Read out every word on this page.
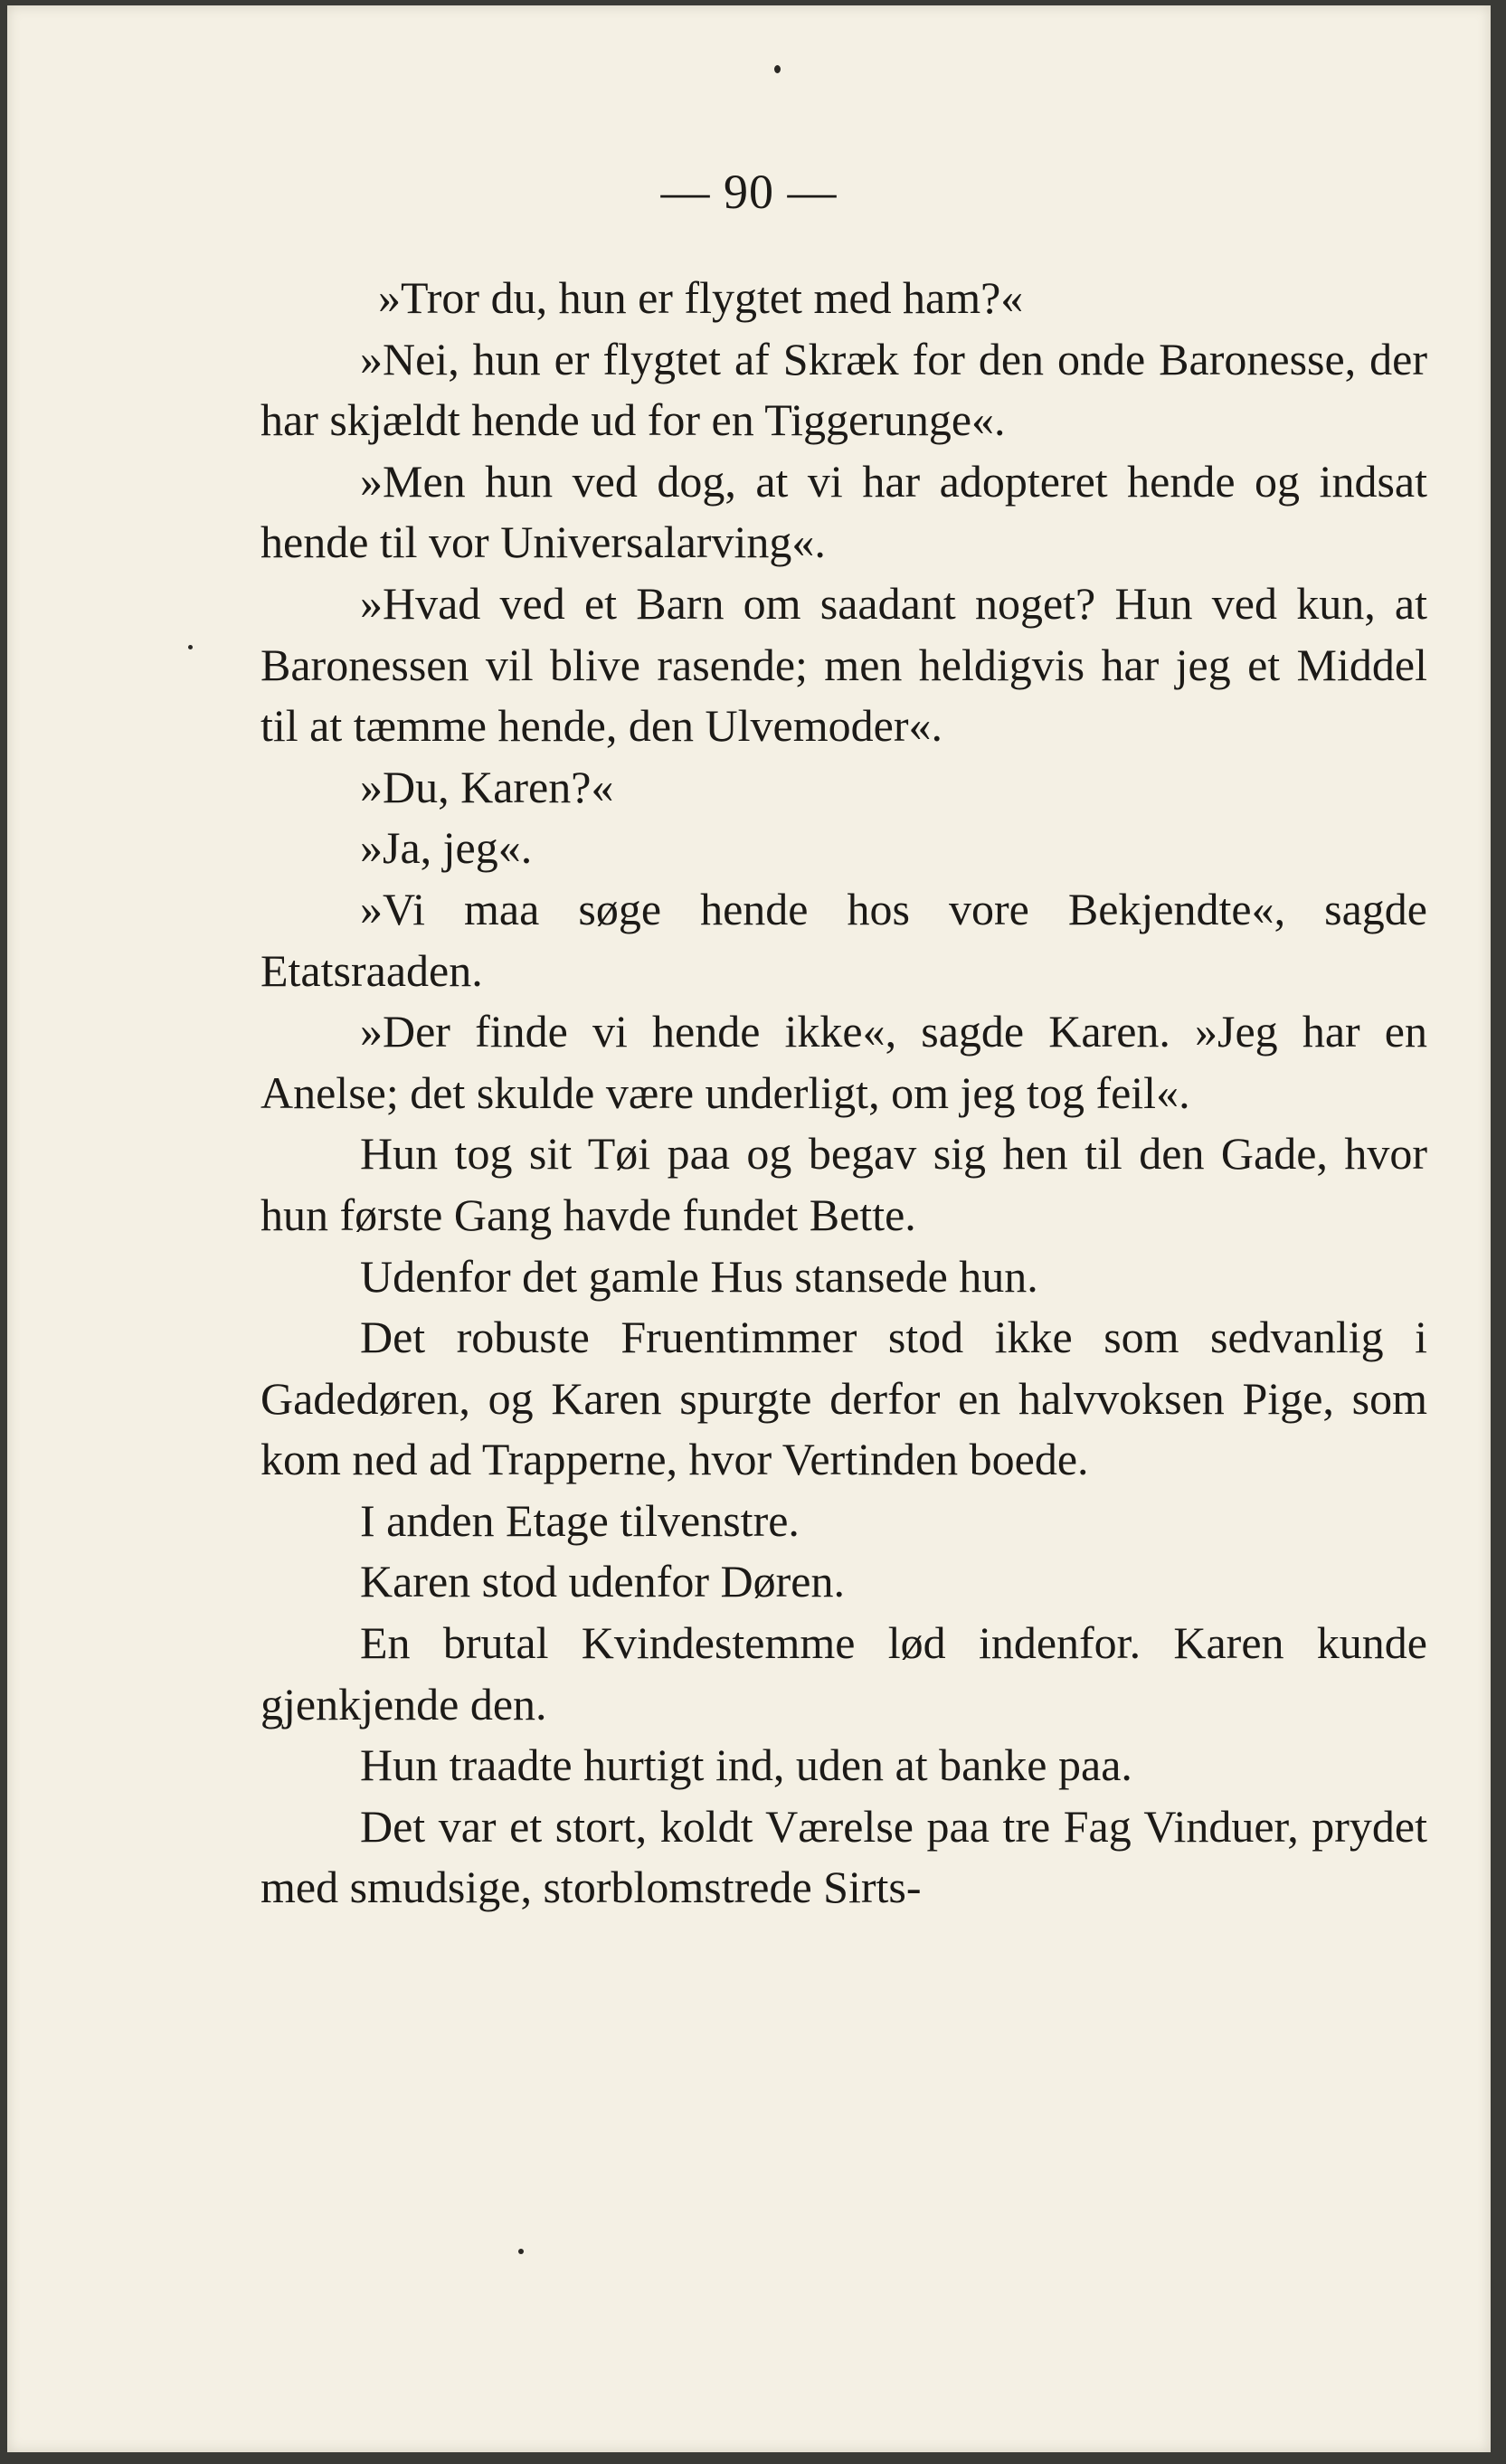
— 90 —

»Tror du, hun er flygtet med ham?«

»Nei, hun er flygtet af Skræk for den onde Baronesse, der har skjældt hende ud for en Tiggerunge«.

»Men hun ved dog, at vi har adopteret hende og indsat hende til vor Universalarving«.

»Hvad ved et Barn om saadant noget? Hun ved kun, at Baronessen vil blive rasende; men heldigvis har jeg et Middel til at tæmme hende, den Ulvemoder«.

»Du, Karen?«

»Ja, jeg«.

»Vi maa søge hende hos vore Bekjendte«, sagde Etatsraaden.

»Der finde vi hende ikke«, sagde Karen. »Jeg har en Anelse; det skulde være underligt, om jeg tog feil«.

Hun tog sit Tøi paa og begav sig hen til den Gade, hvor hun første Gang havde fundet Bette.

Udenfor det gamle Hus stansede hun.

Det robuste Fruentimmer stod ikke som sedvanlig i Gadedøren, og Karen spurgte derfor en halvvoksen Pige, som kom ned ad Trapperne, hvor Vertinden boede.

I anden Etage tilvenstre.

Karen stod udenfor Døren.

En brutal Kvindestemme lød indenfor. Karen kunde gjenkjende den.

Hun traadte hurtigt ind, uden at banke paa.

Det var et stort, koldt Værelse paa tre Fag Vinduer, prydet med smudsige, storblomstrede Sirts-
